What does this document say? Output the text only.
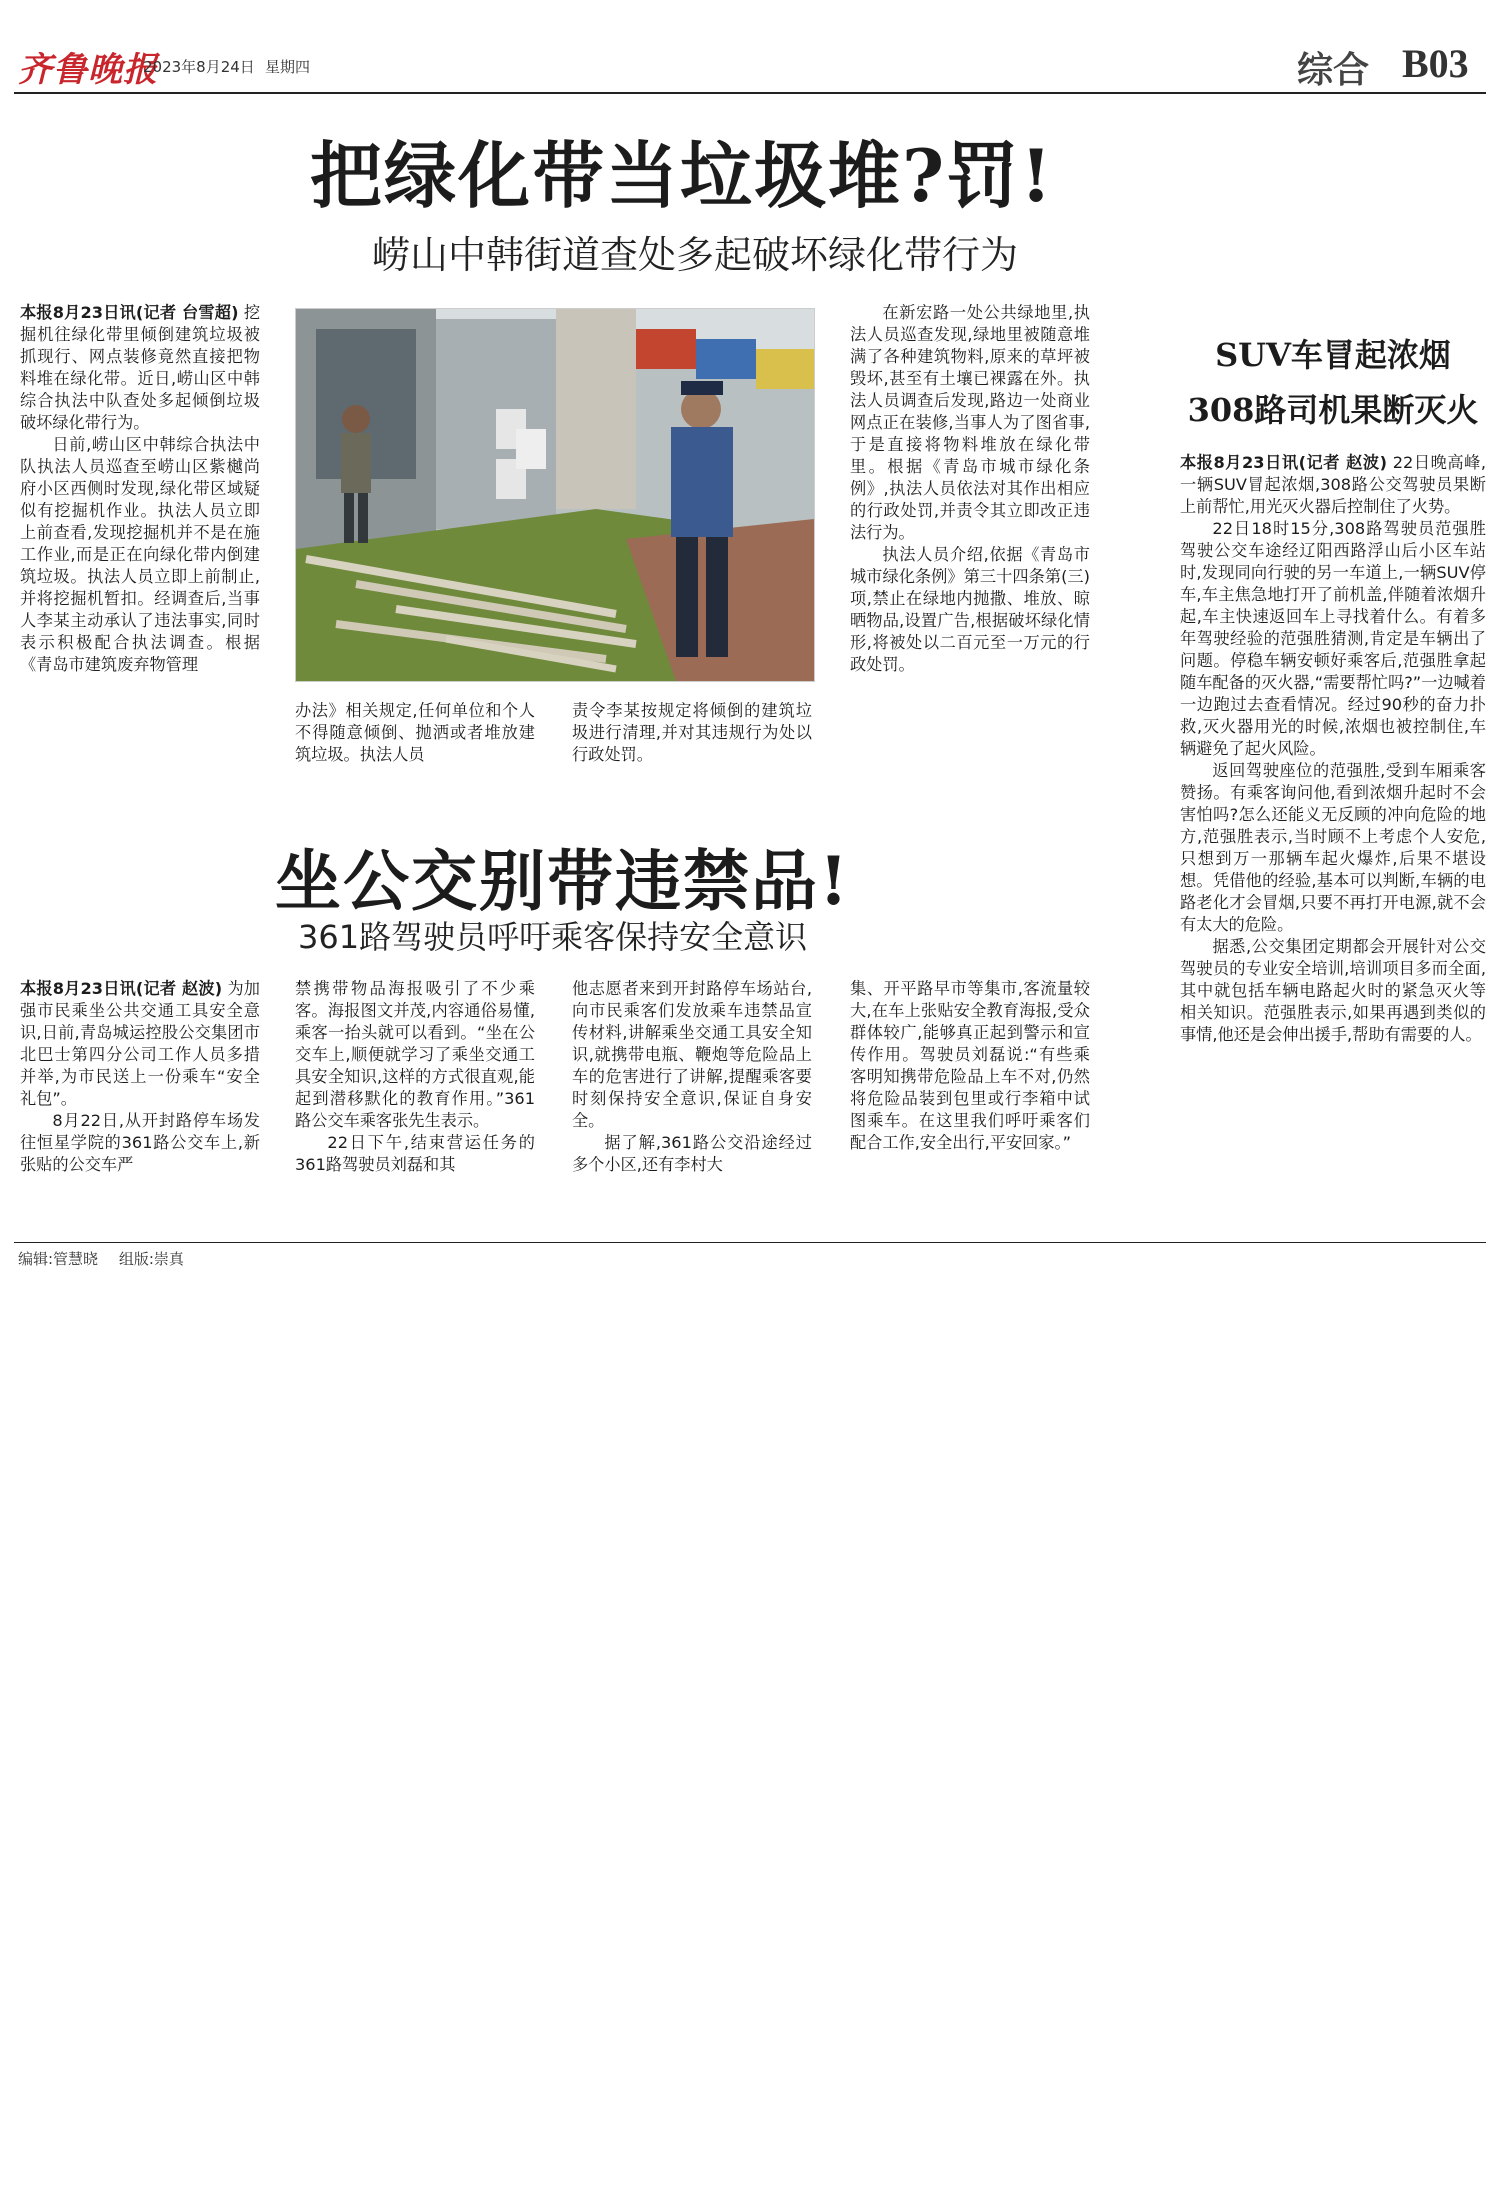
齐鲁晚报
2023年8月24日 星期四	综合 B03
把绿化带当垃圾堆?罚!
崂山中韩街道查处多起破坏绿化带行为

本报8月23日讯(记者 台雪超) 挖掘机往绿化带里倾倒建筑垃圾被抓现行、网点装修竟然直接把物料堆在绿化带。近日,崂山区中韩综合执法中队查处多起倾倒垃圾破坏绿化带行为。

日前,崂山区中韩综合执法中队执法人员巡查至崂山区紫樾尚府小区西侧时发现,绿化带区域疑似有挖掘机作业。执法人员立即上前查看,发现挖掘机并不是在施工作业,而是正在向绿化带内倒建筑垃圾。执法人员立即上前制止,并将挖掘机暂扣。经调查后,当事人李某主动承认了违法事实,同时表示积极配合执法调查。根据《青岛市建筑废弃物管理

办法》相关规定,任何单位和个人不得随意倾倒、抛洒或者堆放建筑垃圾。执法人员

责令李某按规定将倾倒的建筑垃圾进行清理,并对其违规行为处以行政处罚。

在新宏路一处公共绿地里,执法人员巡查发现,绿地里被随意堆满了各种建筑物料,原来的草坪被毁坏,甚至有土壤已裸露在外。执法人员调查后发现,路边一处商业网点正在装修,当事人为了图省事,于是直接将物料堆放在绿化带里。根据《青岛市城市绿化条例》,执法人员依法对其作出相应的行政处罚,并责令其立即改正违法行为。

执法人员介绍,依据《青岛市城市绿化条例》第三十四条第(三)项,禁止在绿地内抛撒、堆放、晾晒物品,设置广告,根据破坏绿化情形,将被处以二百元至一万元的行政处罚。

坐公交别带违禁品!
361路驾驶员呼吁乘客保持安全意识

本报8月23日讯(记者 赵波) 为加强市民乘坐公共交通工具安全意识,日前,青岛城运控股公交集团市北巴士第四分公司工作人员多措并举,为市民送上一份乘车“安全礼包”。

8月22日,从开封路停车场发往恒星学院的361路公交车上,新张贴的公交车严

禁携带物品海报吸引了不少乘客。海报图文并茂,内容通俗易懂,乘客一抬头就可以看到。“坐在公交车上,顺便就学习了乘坐交通工具安全知识,这样的方式很直观,能起到潜移默化的教育作用。”361路公交车乘客张先生表示。

22日下午,结束营运任务的361路驾驶员刘磊和其

他志愿者来到开封路停车场站台,向市民乘客们发放乘车违禁品宣传材料,讲解乘坐交通工具安全知识,就携带电瓶、鞭炮等危险品上车的危害进行了讲解,提醒乘客要时刻保持安全意识,保证自身安全。

据了解,361路公交沿途经过多个小区,还有李村大

集、开平路早市等集市,客流量较大,在车上张贴安全教育海报,受众群体较广,能够真正起到警示和宣传作用。驾驶员刘磊说:“有些乘客明知携带危险品上车不对,仍然将危险品装到包里或行李箱中试图乘车。在这里我们呼吁乘客们配合工作,安全出行,平安回家。”

SUV车冒起浓烟
308路司机果断灭火

本报8月23日讯(记者 赵波) 22日晚高峰,一辆SUV冒起浓烟,308路公交驾驶员果断上前帮忙,用光灭火器后控制住了火势。

22日18时15分,308路驾驶员范强胜驾驶公交车途经辽阳西路浮山后小区车站时,发现同向行驶的另一车道上,一辆SUV停车,车主焦急地打开了前机盖,伴随着浓烟升起,车主快速返回车上寻找着什么。有着多年驾驶经验的范强胜猜测,肯定是车辆出了问题。停稳车辆安顿好乘客后,范强胜拿起随车配备的灭火器,“需要帮忙吗?”一边喊着一边跑过去查看情况。经过90秒的奋力扑救,灭火器用光的时候,浓烟也被控制住,车辆避免了起火风险。

返回驾驶座位的范强胜,受到车厢乘客赞扬。有乘客询问他,看到浓烟升起时不会害怕吗?怎么还能义无反顾的冲向危险的地方,范强胜表示,当时顾不上考虑个人安危,只想到万一那辆车起火爆炸,后果不堪设想。凭借他的经验,基本可以判断,车辆的电路老化才会冒烟,只要不再打开电源,就不会有太大的危险。

据悉,公交集团定期都会开展针对公交驾驶员的专业安全培训,培训项目多而全面,其中就包括车辆电路起火时的紧急灭火等相关知识。范强胜表示,如果再遇到类似的事情,他还是会伸出援手,帮助有需要的人。

编辑:管慧晓 组版:崇真
